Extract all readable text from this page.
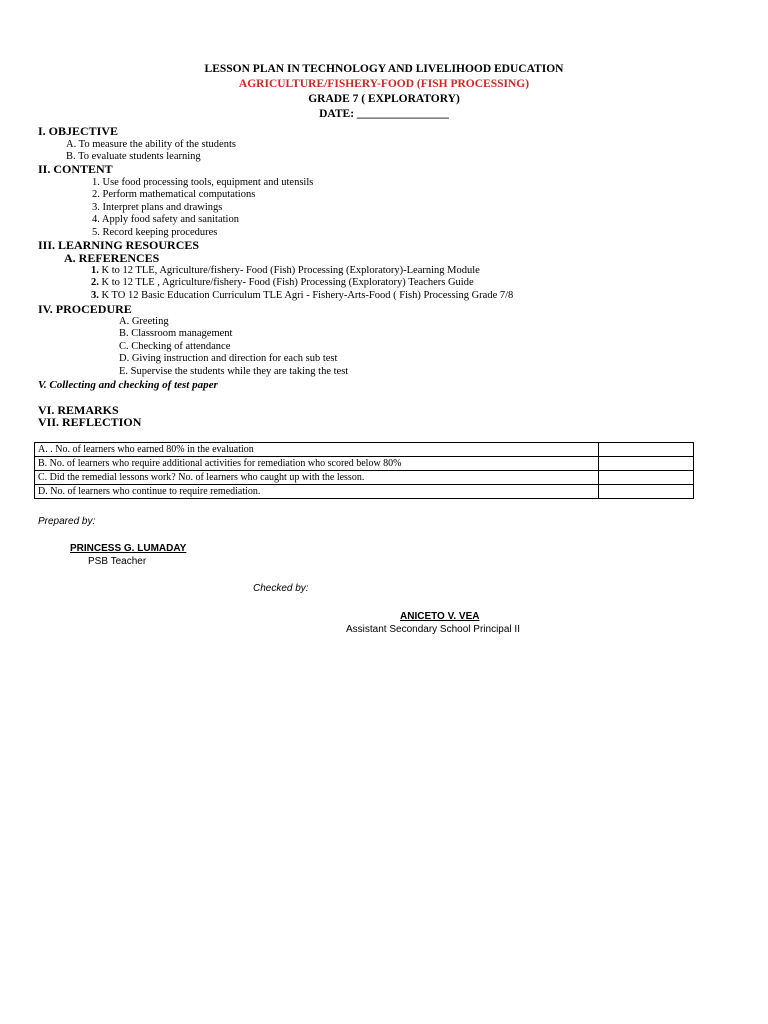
LESSON PLAN IN TECHNOLOGY AND LIVELIHOOD EDUCATION
AGRICULTURE/FISHERY-FOOD (FISH PROCESSING)
GRADE 7 ( EXPLORATORY)
DATE: ________________
I. OBJECTIVE
A. To measure the ability of the students
B. To evaluate students learning
II. CONTENT
1. Use food processing tools, equipment and utensils
2. Perform mathematical computations
3. Interpret plans and drawings
4. Apply food safety and sanitation
5. Record keeping procedures
III. LEARNING RESOURCES
A. REFERENCES
1. K to 12 TLE, Agriculture/fishery- Food (Fish) Processing (Exploratory)-Learning Module
2. K to 12 TLE , Agriculture/fishery- Food (Fish) Processing (Exploratory) Teachers Guide
3. K TO 12 Basic Education Curriculum TLE Agri - Fishery-Arts-Food ( Fish) Processing Grade 7/8
IV. PROCEDURE
A. Greeting
B. Classroom management
C. Checking of attendance
D. Giving instruction and direction for each sub test
E. Supervise the students while they are taking the test
V. Collecting and checking of test paper
VI. REMARKS
VII. REFLECTION
A. . No. of learners who earned 80% in the evaluation	
B. No. of learners who require additional activities for remediation who scored below 80%	
C. Did the remedial lessons work? No. of learners who caught up with the lesson.	
D. No. of learners who continue to require remediation.	
Prepared by:
PRINCESS G. LUMADAY
PSB Teacher
Checked by:
ANICETO V. VEA
Assistant Secondary School Principal II
